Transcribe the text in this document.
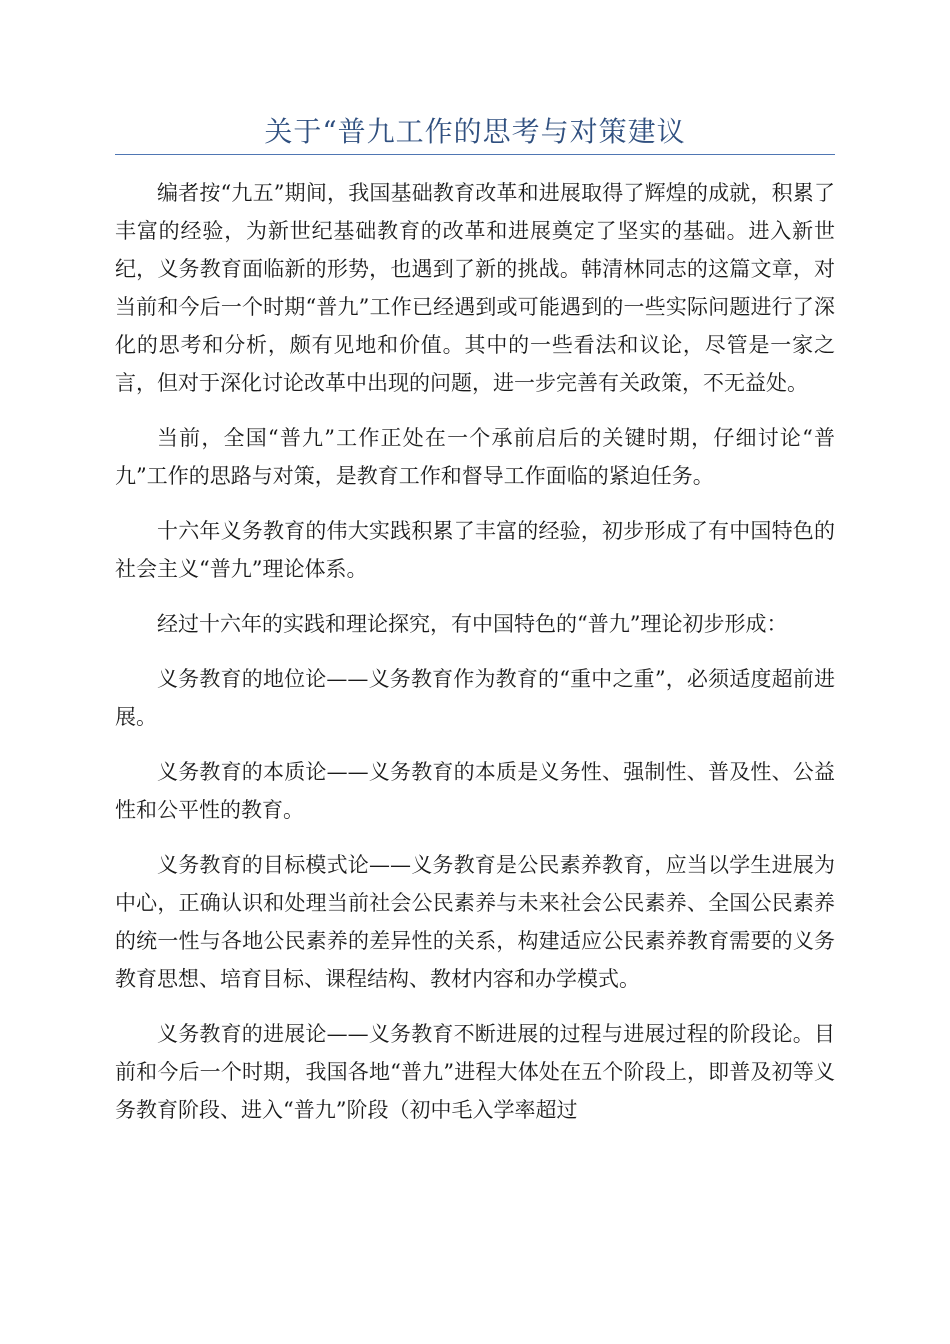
关于“普九工作的思考与对策建议

编者按“九五”期间，我国基础教育改革和进展取得了辉煌的成就，积累了丰富的经验，为新世纪基础教育的改革和进展奠定了坚实的基础。进入新世纪，义务教育面临新的形势，也遇到了新的挑战。韩清林同志的这篇文章，对当前和今后一个时期“普九”工作已经遇到或可能遇到的一些实际问题进行了深化的思考和分析，颇有见地和价值。其中的一些看法和议论，尽管是一家之言，但对于深化讨论改革中出现的问题，进一步完善有关政策，不无益处。

当前，全国“普九”工作正处在一个承前启后的关键时期，仔细讨论“普九”工作的思路与对策，是教育工作和督导工作面临的紧迫任务。

十六年义务教育的伟大实践积累了丰富的经验，初步形成了有中国特色的社会主义“普九”理论体系。

经过十六年的实践和理论探究，有中国特色的“普九”理论初步形成：

义务教育的地位论——义务教育作为教育的“重中之重”，必须适度超前进展。

义务教育的本质论——义务教育的本质是义务性、强制性、普及性、公益性和公平性的教育。

义务教育的目标模式论——义务教育是公民素养教育，应当以学生进展为中心，正确认识和处理当前社会公民素养与未来社会公民素养、全国公民素养的统一性与各地公民素养的差异性的关系，构建适应公民素养教育需要的义务教育思想、培育目标、课程结构、教材内容和办学模式。

义务教育的进展论——义务教育不断进展的过程与进展过程的阶段论。目前和今后一个时期，我国各地“普九”进程大体处在五个阶段上，即普及初等义务教育阶段、进入“普九”阶段（初中毛入学率超过
